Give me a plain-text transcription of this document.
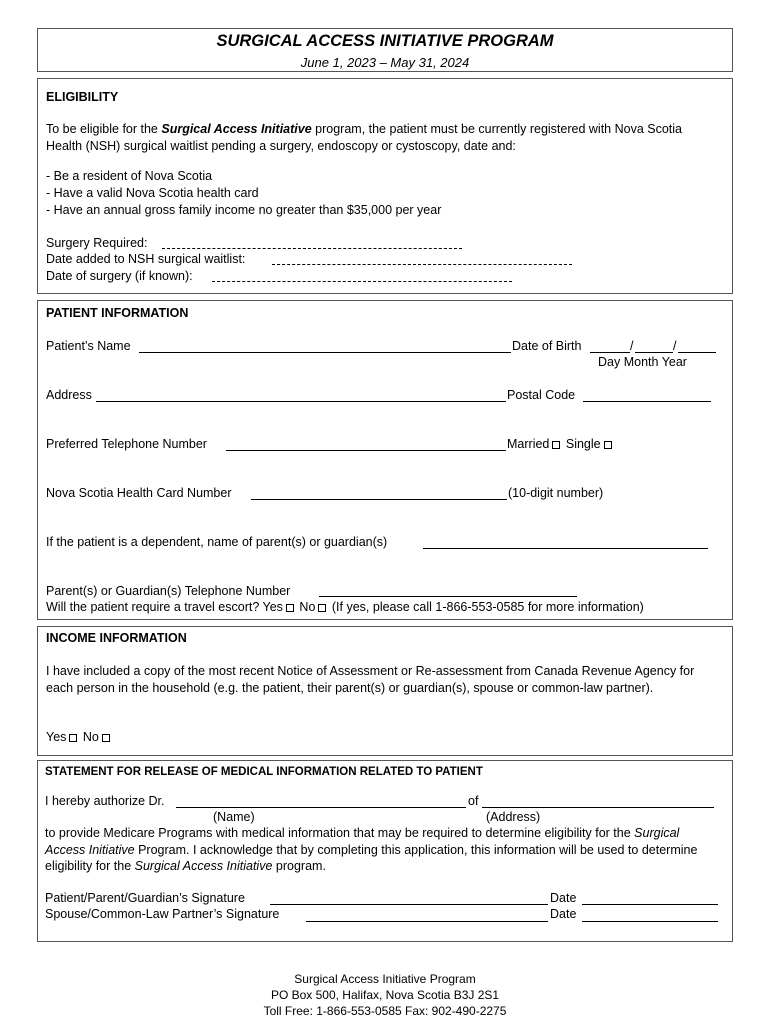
SURGICAL ACCESS INITIATIVE PROGRAM
June 1, 2023 – May 31, 2024
ELIGIBILITY
To be eligible for the Surgical Access Initiative program, the patient must be currently registered with Nova Scotia Health (NSH) surgical waitlist pending a surgery, endoscopy or cystoscopy, date and:
- Be a resident of Nova Scotia
- Have a valid Nova Scotia health card
- Have an annual gross family income no greater than $35,000 per year
Surgery Required:
Date added to NSH surgical waitlist:
Date of surgery (if known):
PATIENT INFORMATION
Patient’s Name	Date of Birth	/	/
Day Month Year
Address	Postal Code
Preferred Telephone Number	Married Single
Nova Scotia Health Card Number	(10-digit number)
If the patient is a dependent, name of parent(s) or guardian(s)
Parent(s) or Guardian(s) Telephone Number
Will the patient require a travel escort? Yes No (If yes, please call 1-866-553-0585 for more information)
INCOME INFORMATION
I have included a copy of the most recent Notice of Assessment or Re-assessment from Canada Revenue Agency for each person in the household (e.g. the patient, their parent(s) or guardian(s), spouse or common-law partner).
Yes No
STATEMENT FOR RELEASE OF MEDICAL INFORMATION RELATED TO PATIENT
I hereby authorize Dr.	of
(Name)	(Address)
to provide Medicare Programs with medical information that may be required to determine eligibility for the Surgical Access Initiative Program. I acknowledge that by completing this application, this information will be used to determine eligibility for the Surgical Access Initiative program.
Patient/Parent/Guardian’s Signature	Date
Spouse/Common-Law Partner’s Signature	Date
Surgical Access Initiative Program
PO Box 500, Halifax, Nova Scotia B3J 2S1
Toll Free: 1-866-553-0585 Fax: 902-490-2275
